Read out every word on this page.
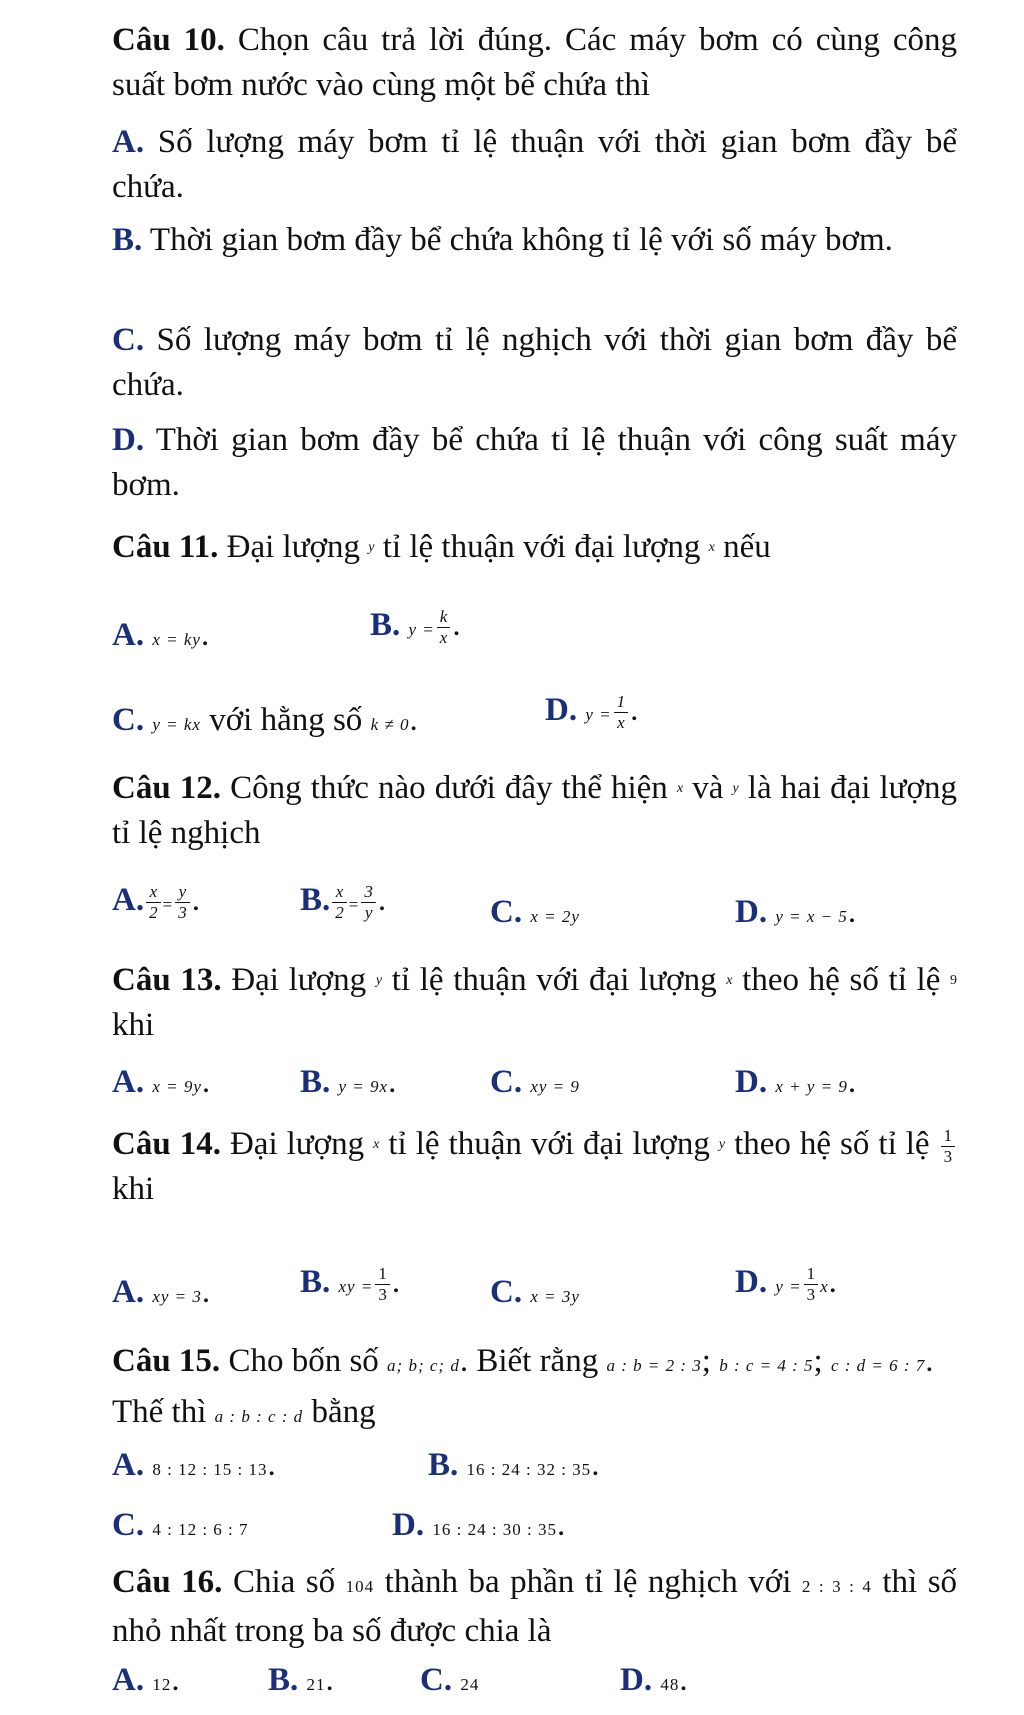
Câu 10. Chọn câu trả lời đúng. Các máy bơm có cùng công suất bơm nước vào cùng một bể chứa thì
A. Số lượng máy bơm tỉ lệ thuận với thời gian bơm đầy bể chứa.
B. Thời gian bơm đầy bể chứa không tỉ lệ với số máy bơm.
C. Số lượng máy bơm tỉ lệ nghịch với thời gian bơm đầy bể chứa.
D. Thời gian bơm đầy bể chứa tỉ lệ thuận với công suất máy bơm.
Câu 11. Đại lượng y tỉ lệ thuận với đại lượng x nếu
A. x = ky.	B. $y = \frac{k}{x}$ .
C. y = kx với hằng số k ≠ 0.	D. $y = \frac{1}{x}$ .
Câu 12. Công thức nào dưới đây thể hiện x và y là hai đại lượng tỉ lệ nghịch
A. $\frac{x}{2} = \frac{y}{3}$ .	B. $\frac{x}{2} = \frac{3}{y}$ .	C. x = 2y	D. y = x − 5.
Câu 13. Đại lượng y tỉ lệ thuận với đại lượng x theo hệ số tỉ lệ 9 khi
A. x = 9y.	B. y = 9x.	C. xy = 9	D. x + y = 9.
Câu 14. Đại lượng x tỉ lệ thuận với đại lượng y theo hệ số tỉ lệ $\frac{1}{3}$
khi
A. xy = 3.	B. xy = $\frac{1}{3}$ .	C. x = 3y	D. $y = \frac{1}{3} x$.
Câu 15. Cho bốn số a; b; c; d. Biết rằng a : b = 2 : 3; b : c = 4 : 5; c : d = 6 : 7. Thế thì a : b : c : d bằng
A. 8 : 12 : 15 : 13.	B. 16 : 24 : 32 : 35.
C. 4 : 12 : 6 : 7	D. 16 : 24 : 30 : 35.
Câu 16. Chia số 104 thành ba phần tỉ lệ nghịch với 2 : 3 : 4 thì số nhỏ nhất trong ba số được chia là
A. 12.	B. 21.	C. 24	D. 48.
